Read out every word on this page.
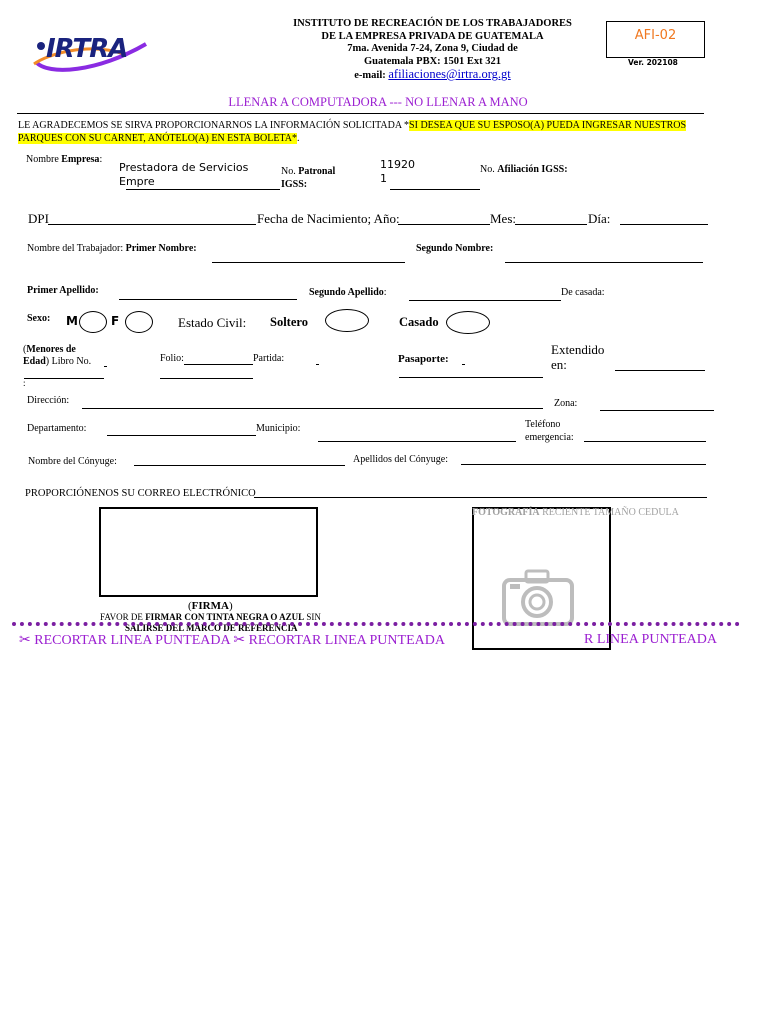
IRTRA
INSTITUTO DE RECREACIÓN DE LOS TRABAJADORES
DE LA EMPRESA PRIVADA DE GUATEMALA
7ma. Avenida 7-24, Zona 9, Ciudad de
Guatemala PBX: 1501 Ext 321
e-mail: afiliaciones@irtra.org.gt
AFI-02
Ver. 202108
LLENAR A COMPUTADORA --- NO LLENAR A MANO
LE AGRADECEMOS SE SIRVA PROPORCIONARNOS LA INFORMACIÓN SOLICITADA *SI DESEA QUE SU ESPOSO(A) PUEDA INGRESAR NUESTROS
PARQUES CON SU CARNET, ANÓTELO(A) EN ESTA BOLETA*.
Nombre Empresa:
Prestadora de Servicios Empre
No. Patronal
IGSS:
119201
No. Afiliación IGSS:
DPI	Fecha de Nacimiento; Año:	Mes:	Día:
Nombre del Trabajador: Primer Nombre:	Segundo Nombre:
Primer Apellido:	Segundo Apellido:	De casada:
Sexo: M	F	Estado Civil: Soltero	Casado
(Menores de
Edad) Libro No.
:
Folio:	Partida:	Pasaporte:
Extendido
en:
Dirección:	Zona:
Departamento:	Municipio:	Teléfono
emergencia:
Nombre del Cónyuge:	Apellidos del Cónyuge:
PROPORCIÓNENOS SU CORREO ELECTRÓNICO
(FIRMA)
FAVOR DE FIRMAR CON TINTA NEGRA O AZUL SIN
SALIRSE DEL MARCO DE REFERENCIA
FOTOGRAFÍA RECIENTE TAMAÑO CEDULA
✂ RECORTAR LINEA PUNTEADA ✂ RECORTAR LINEA PUNTEADA	R LINEA PUNTEADA
